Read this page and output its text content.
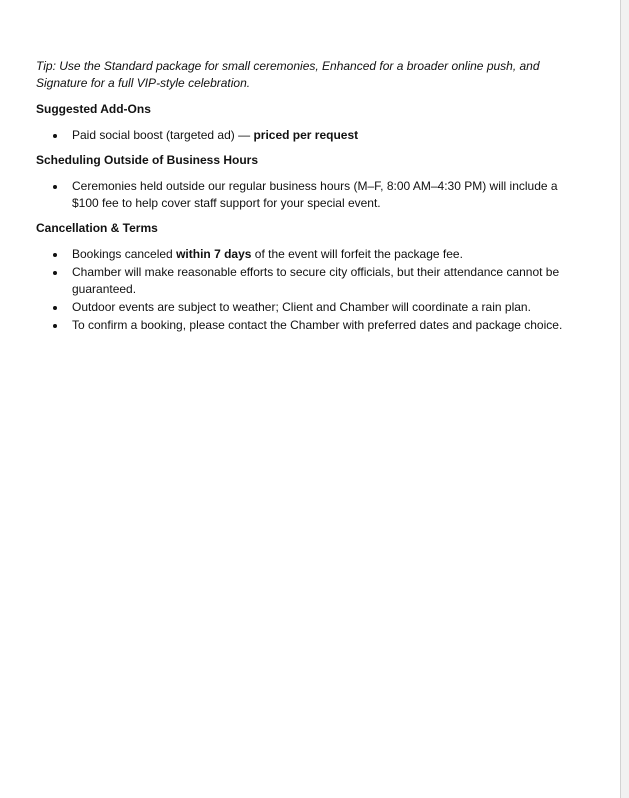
Tip: Use the Standard package for small ceremonies, Enhanced for a broader online push, and Signature for a full VIP-style celebration.

Suggested Add-Ons
Paid social boost (targeted ad) — priced per request
Scheduling Outside of Business Hours
Ceremonies held outside our regular business hours (M–F, 8:00 AM–4:30 PM) will include a $100 fee to help cover staff support for your special event.
Cancellation & Terms
Bookings canceled within 7 days of the event will forfeit the package fee.
Chamber will make reasonable efforts to secure city officials, but their attendance cannot be guaranteed.
Outdoor events are subject to weather; Client and Chamber will coordinate a rain plan.
To confirm a booking, please contact the Chamber with preferred dates and package choice.
